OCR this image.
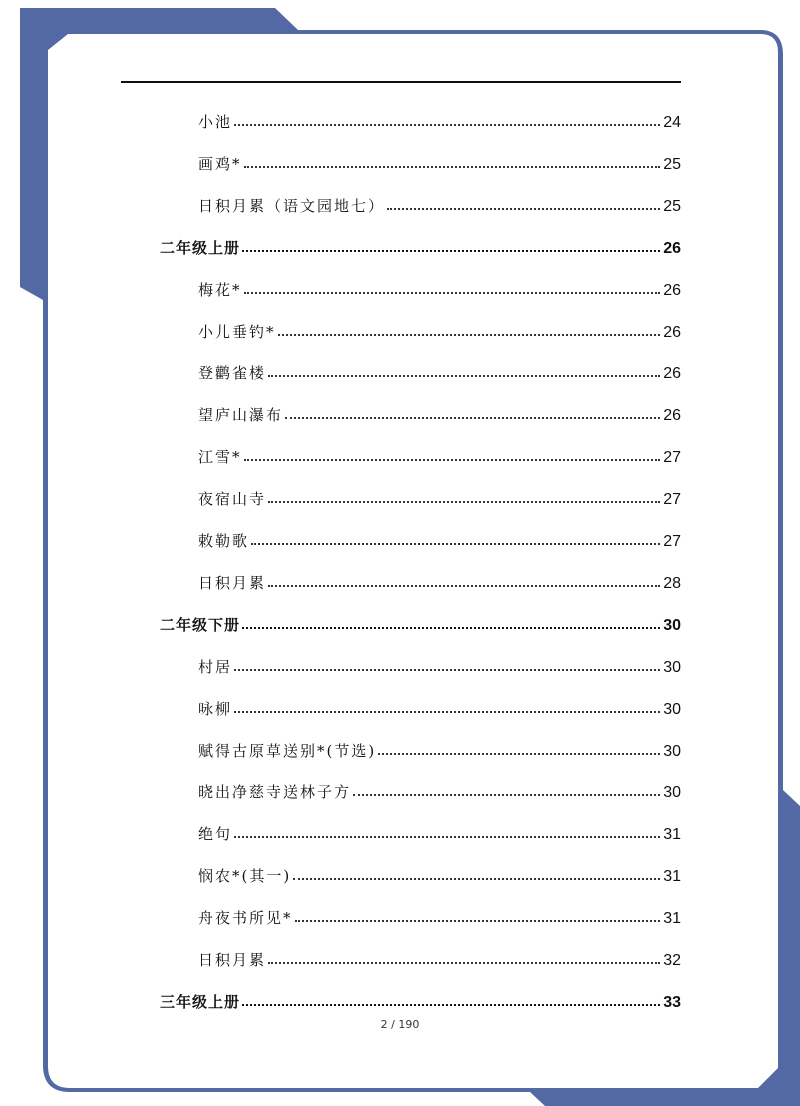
小池	24
画鸡*	25
日积月累（语文园地七）	25
二年级上册	26
梅花*	26
小儿垂钓*	26
登鹳雀楼	26
望庐山瀑布	26
江雪*	27
夜宿山寺	27
敕勒歌	27
日积月累	28
二年级下册	30
村居	30
咏柳	30
赋得古原草送别*(节选)	30
晓出净慈寺送林子方	30
绝句	31
悯农*(其一)	31
舟夜书所见*	31
日积月累	32
三年级上册	33
2 / 190
